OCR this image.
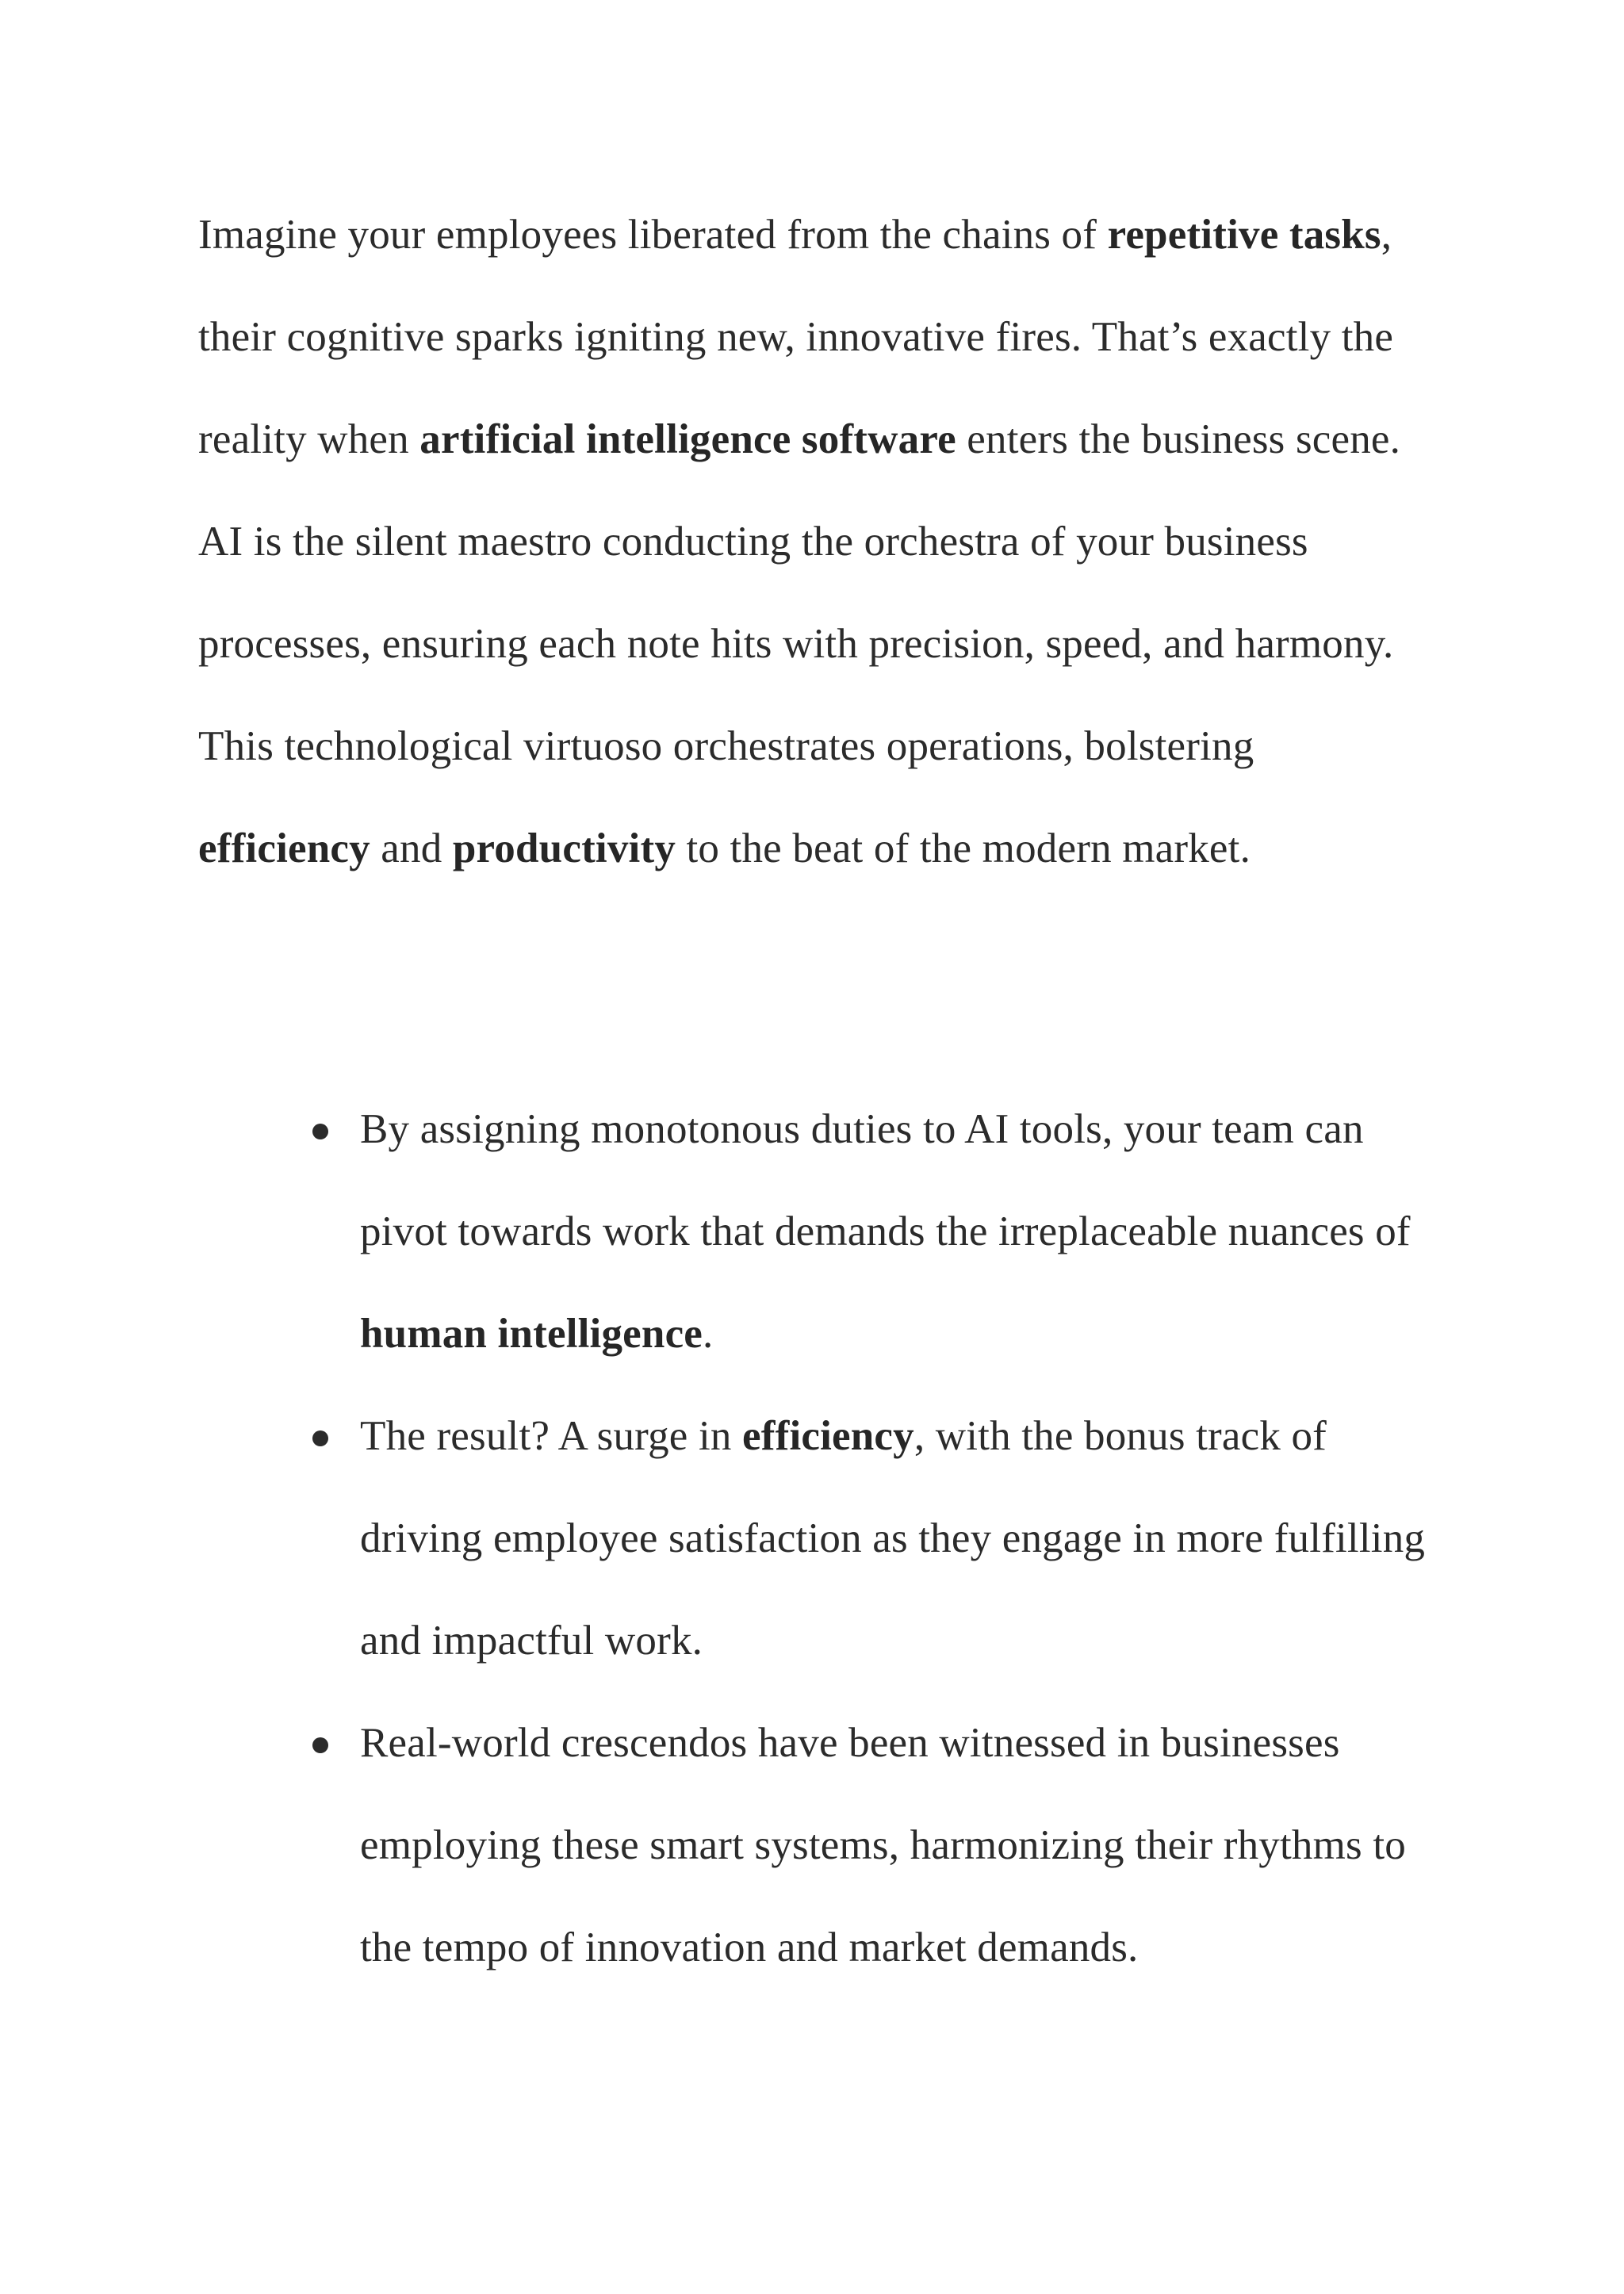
Imagine your employees liberated from the chains of repetitive tasks, their cognitive sparks igniting new, innovative fires. That’s exactly the reality when artificial intelligence software enters the business scene. AI is the silent maestro conducting the orchestra of your business processes, ensuring each note hits with precision, speed, and harmony. This technological virtuoso orchestrates operations, bolstering efficiency and productivity to the beat of the modern market.

By assigning monotonous duties to AI tools, your team can pivot towards work that demands the irreplaceable nuances of human intelligence.
The result? A surge in efficiency, with the bonus track of driving employee satisfaction as they engage in more fulfilling and impactful work.
Real-world crescendos have been witnessed in businesses employing these smart systems, harmonizing their rhythms to the tempo of innovation and market demands.
